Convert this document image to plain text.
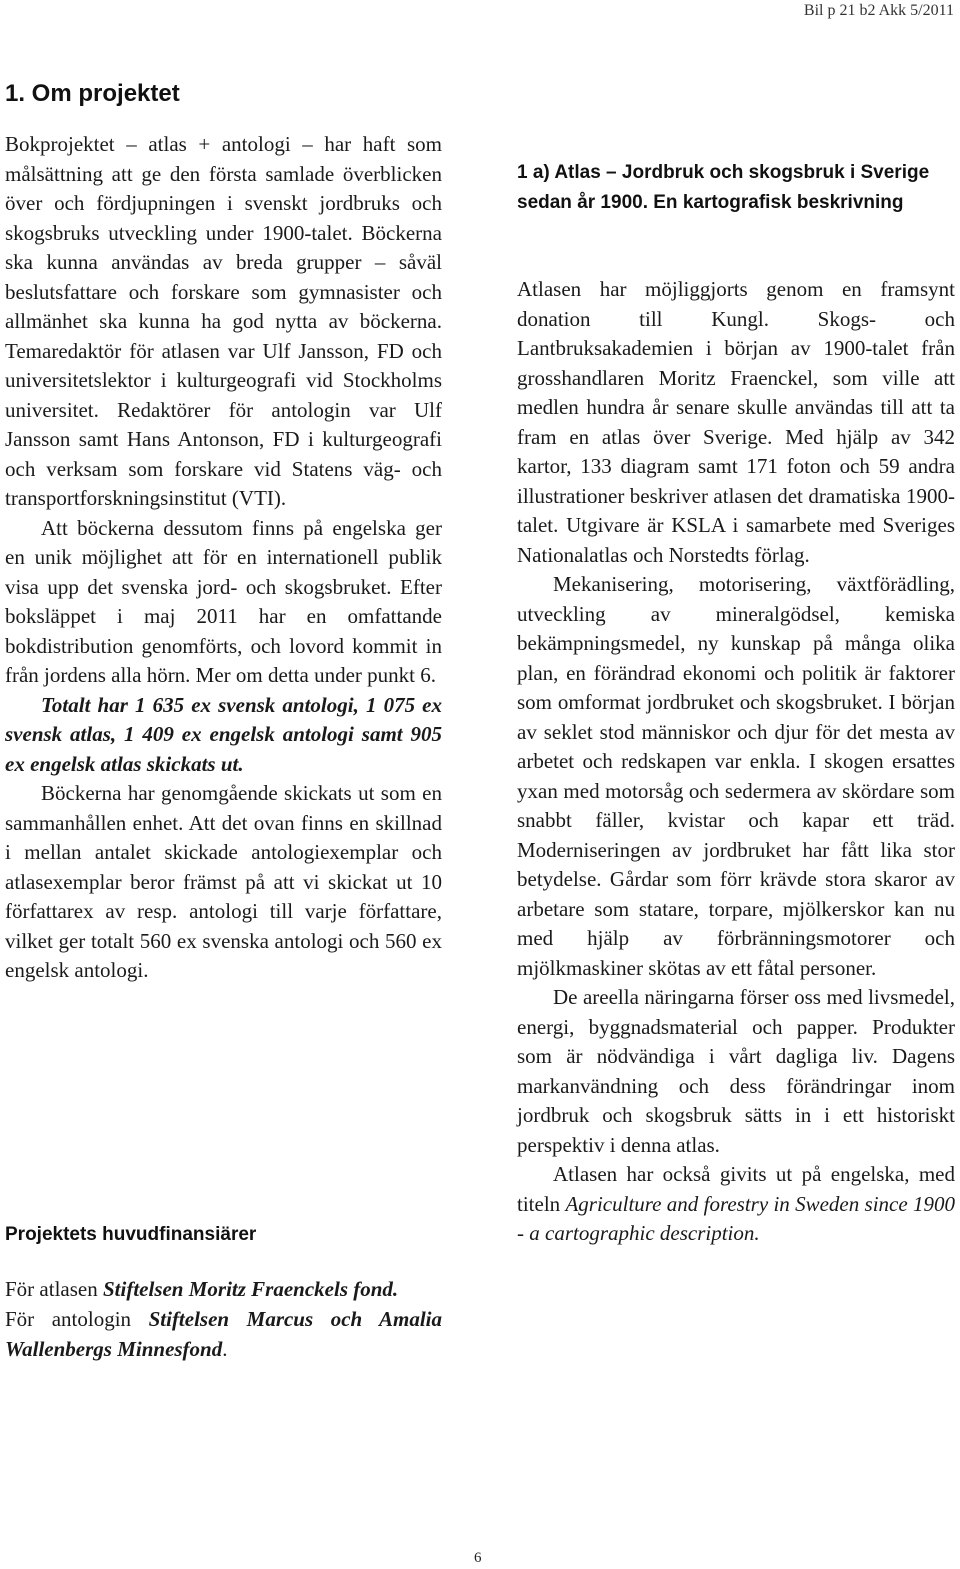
Bil p 21 b2 Akk 5/2011
1. Om projektet

Bokprojektet – atlas + antologi – har haft som målsättning att ge den första samlade överblicken över och fördjupningen i svenskt jordbruks och skogsbruks utveckling under 1900-talet. Böckerna ska kunna användas av breda grupper – såväl beslutsfattare och forskare som gymnasister och allmänhet ska kunna ha god nytta av böckerna. Temaredaktör för atlasen var Ulf Jansson, FD och universitetslektor i kulturgeografi vid Stockholms universitet. Redaktörer för antologin var Ulf Jansson samt Hans Antonson, FD i kulturgeografi och verksam som forskare vid Statens väg- och transportforskningsinstitut (VTI).

Att böckerna dessutom finns på engelska ger en unik möjlighet att för en internationell publik visa upp det svenska jord- och skogsbruket. Efter boksläppet i maj 2011 har en omfattande bokdistribution genomförts, och lovord kommit in från jordens alla hörn. Mer om detta under punkt 6.

Totalt har 1 635 ex svensk antologi, 1 075 ex svensk atlas, 1 409 ex engelsk antologi samt 905 ex engelsk atlas skickats ut.

Böckerna har genomgående skickats ut som en sammanhållen enhet. Att det ovan finns en skillnad i mellan antalet skickade antologiexemplar och atlasexemplar beror främst på att vi skickat ut 10 författarex av resp. antologi till varje författare, vilket ger totalt 560 ex svenska antologi och 560 ex engelsk antologi.

Projektets huvudfinansiärer

För atlasen Stiftelsen Moritz Fraenckels fond.

För antologin Stiftelsen Marcus och Amalia Wallenbergs Minnesfond.

1 a) Atlas – Jordbruk och skogsbruk i Sverige sedan år 1900. En kartografisk beskrivning

Atlasen har möjliggjorts genom en framsynt donation till Kungl. Skogs- och Lantbruksakademien i början av 1900-talet från grosshandlaren Moritz Fraenckel, som ville att medlen hundra år senare skulle användas till att ta fram en atlas över Sverige. Med hjälp av 342 kartor, 133 diagram samt 171 foton och 59 andra illustrationer beskriver atlasen det dramatiska 1900-talet. Utgivare är KSLA i samarbete med Sveriges Nationalatlas och Norstedts förlag.

Mekanisering, motorisering, växtförädling, utveckling av mineralgödsel, kemiska bekämpningsmedel, ny kunskap på många olika plan, en förändrad ekonomi och politik är faktorer som omformat jordbruket och skogsbruket. I början av seklet stod människor och djur för det mesta av arbetet och redskapen var enkla. I skogen ersattes yxan med motorsåg och sedermera av skördare som snabbt fäller, kvistar och kapar ett träd. Moderniseringen av jordbruket har fått lika stor betydelse. Gårdar som förr krävde stora skaror av arbetare som statare, torpare, mjölkerskor kan nu med hjälp av förbränningsmotorer och mjölkmaskiner skötas av ett fåtal personer.

De areella näringarna förser oss med livsmedel, energi, byggnadsmaterial och papper. Produkter som är nödvändiga i vårt dagliga liv. Dagens markanvändning och dess förändringar inom jordbruk och skogsbruk sätts in i ett historiskt perspektiv i denna atlas.

Atlasen har också givits ut på engelska, med titeln Agriculture and forestry in Sweden since 1900 - a cartographic description.

6
